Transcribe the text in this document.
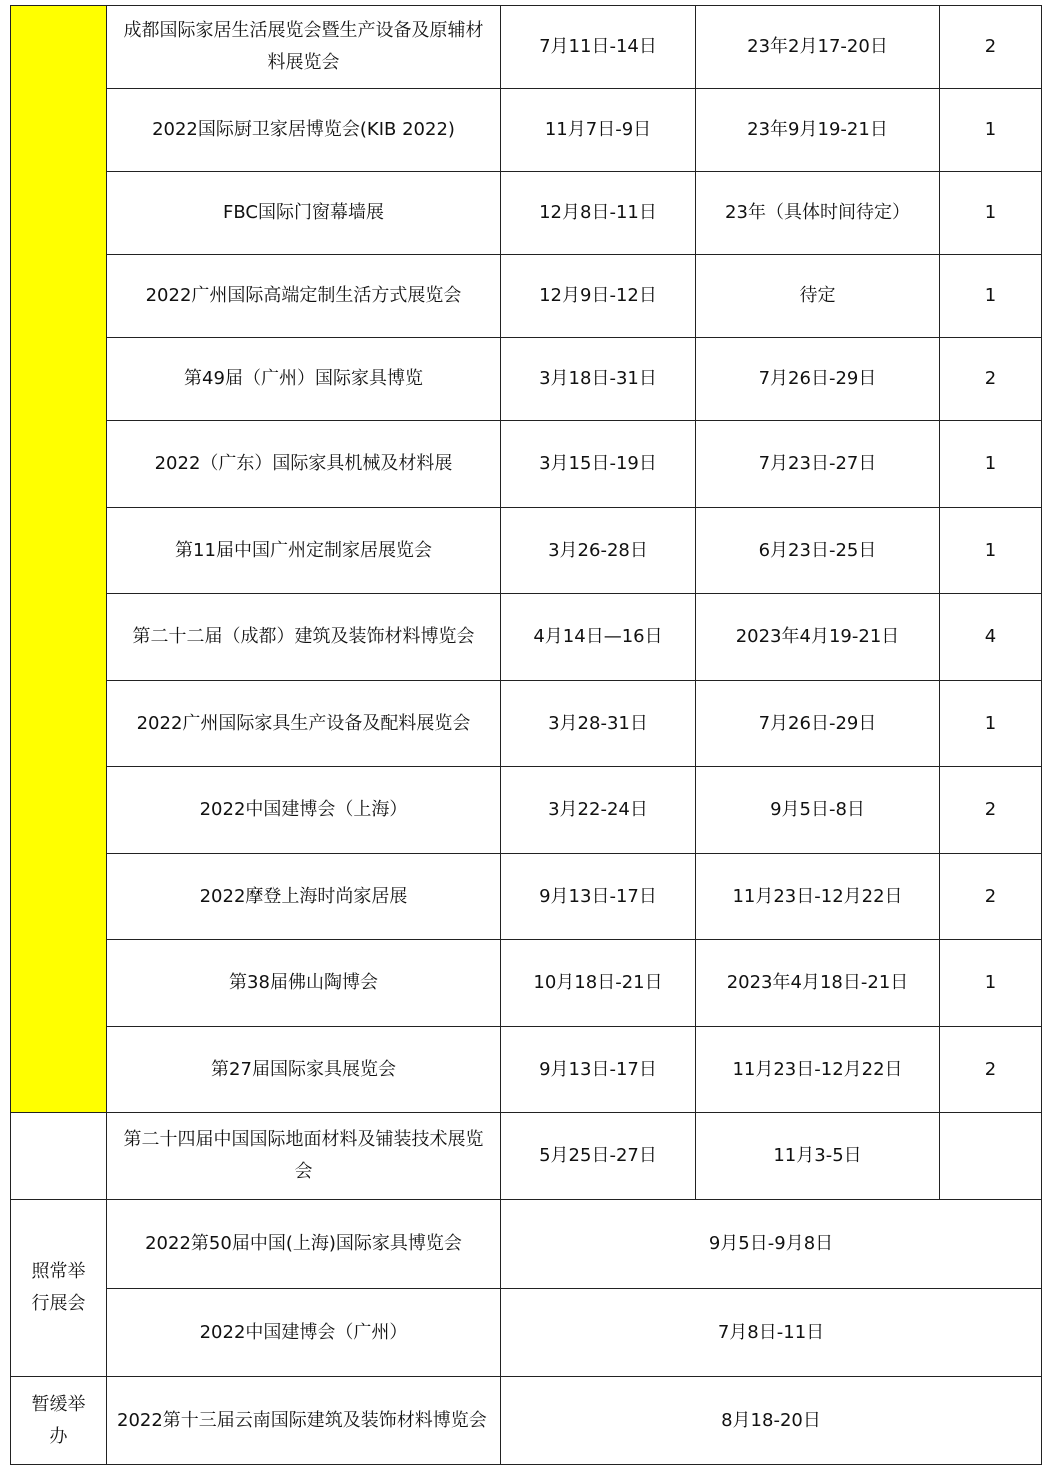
	成都国际家居生活展览会暨生产设备及原辅材料展览会	7月11日-14日	23年2月17-20日	2
	2022国际厨卫家居博览会(KIB 2022)	11月7日-9日	23年9月19-21日	1
	FBC国际门窗幕墙展	12月8日-11日	23年（具体时间待定）	1
	2022广州国际高端定制生活方式展览会	12月9日-12日	待定	1
	第49届（广州）国际家具博览	3月18日-31日	7月26日-29日	2
	2022（广东）国际家具机械及材料展	3月15日-19日	7月23日-27日	1
	第11届中国广州定制家居展览会	3月26-28日	6月23日-25日	1
	第二十二届（成都）建筑及装饰材料博览会	4月14日—16日	2023年4月19-21日	4
	2022广州国际家具生产设备及配料展览会	3月28-31日	7月26日-29日	1
	2022中国建博会（上海）	3月22-24日	9月5日-8日	2
	2022摩登上海时尚家居展	9月13日-17日	11月23日-12月22日	2
	第38届佛山陶博会	10月18日-21日	2023年4月18日-21日	1
	第27届国际家具展览会	9月13日-17日	11月23日-12月22日	2
	第二十四届中国国际地面材料及铺装技术展览会	5月25日-27日	11月3-5日	
照常举行展会	2022第50届中国(上海)国际家具博览会	9月5日-9月8日		
	2022中国建博会（广州）	7月8日-11日		
暂缓举办	2022第十三届云南国际建筑及装饰材料博览会	8月18-20日		
